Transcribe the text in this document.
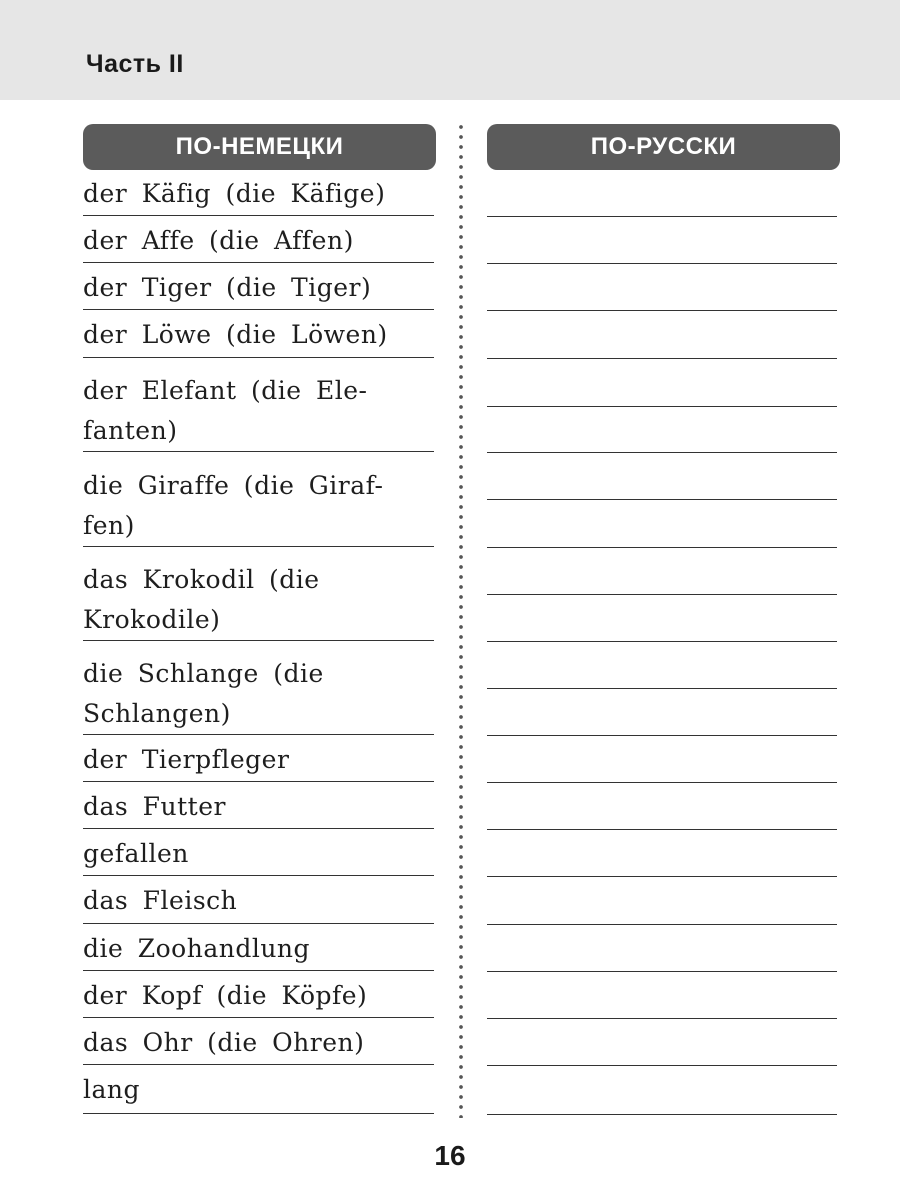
Часть II
ПО-НЕМЕЦКИ	ПО-РУССКИ
der Käfig (die Käfige)
der Affe (die Affen)
der Tiger (die Tiger)
der Löwe (die Löwen)
der Elefant (die Ele- fanten)
die Giraffe (die Giraf- fen)
das Krokodil (die Krokodile)
die Schlange (die Schlangen)
der Tierpfleger
das Futter
gefallen
das Fleisch
die Zoohandlung
der Kopf (die Köpfe)
das Ohr (die Ohren)
lang
16
